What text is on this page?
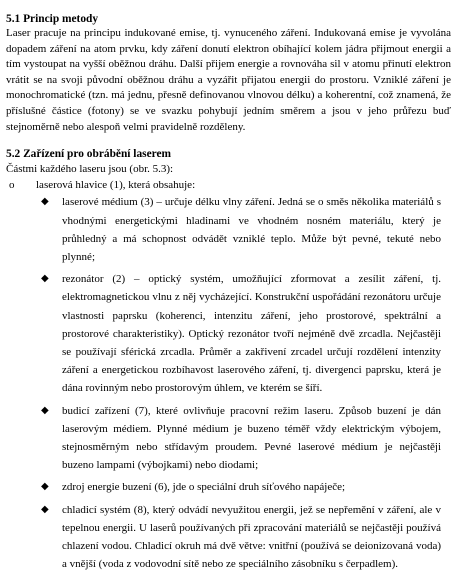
5.1 Princip metody

Laser pracuje na principu indukované emise, tj. vynuceného záření. Indukovaná emise je vyvolána dopadem záření na atom prvku, kdy záření donutí elektron obíhající kolem jádra přijmout energii a tím vystoupat na vyšší oběžnou dráhu. Další přijem energie a rovnováha sil v atomu přinutí elektron vrátit se na svoji původní oběžnou dráhu a vyzářit přijatou energii do prostoru. Vzniklé záření je monochromatické (tzn. má jednu, přesně definovanou vlnovou délku) a koherentní, což znamená, že příslušné částice (fotony) se ve svazku pohybují jedním směrem a jsou v jeho průřezu buď stejnoměrně nebo alespoň velmi pravidelně rozděleny.

5.2 Zařízení pro obrábění laserem

Částmi každého laseru jsou (obr. 5.3):

o laserová hlavice (1), která obsahuje:
◆ laserové médium (3) – určuje délku vlny záření. Jedná se o směs několika materiálů s vhodnými energetickými hladinami ve vhodném nosném materiálu, který je průhledný a má schopnost odvádět vzniklé teplo. Může být pevné, tekuté nebo plynné;
◆ rezonátor (2) – optický systém, umožňující zformovat a zesílit záření, tj. elektromagnetickou vlnu z něj vycházející. Konstrukční uspořádání rezonátoru určuje vlastnosti paprsku (koherenci, intenzitu záření, jeho prostorové, spektrální a prostorové charakteristiky). Optický rezonátor tvoří nejméně dvě zrcadla. Nejčastěji se používají sférická zrcadla. Průměr a zakřivení zrcadel určují rozdělení intenzity záření a energetickou rozbíhavost laserového záření, tj. divergenci paprsku, která je dána rovinným nebo prostorovým úhlem, ve kterém se šíří.
◆ budicí zařízení (7), které ovlivňuje pracovní režim laseru. Způsob buzení je dán laserovým médiem. Plynné médium je buzeno téměř vždy elektrickým výbojem, stejnosměrným nebo střídavým proudem. Pevné laserové médium je nejčastěji buzeno lampami (výbojkami) nebo diodami;
◆ zdroj energie buzení (6), jde o speciální druh síťového napáječe;
◆ chladicí systém (8), který odvádí nevyužitou energii, jež se nepřemění v záření, ale v tepelnou energii. U laserů používaných při zpracování materiálů se nejčastěji používá chlazení vodou. Chladicí okruh má dvě větve: vnitřní (používá se deionizovaná voda) a vnější (voda z vodovodní sítě nebo ze speciálního zásobníku s čerpadlem).
